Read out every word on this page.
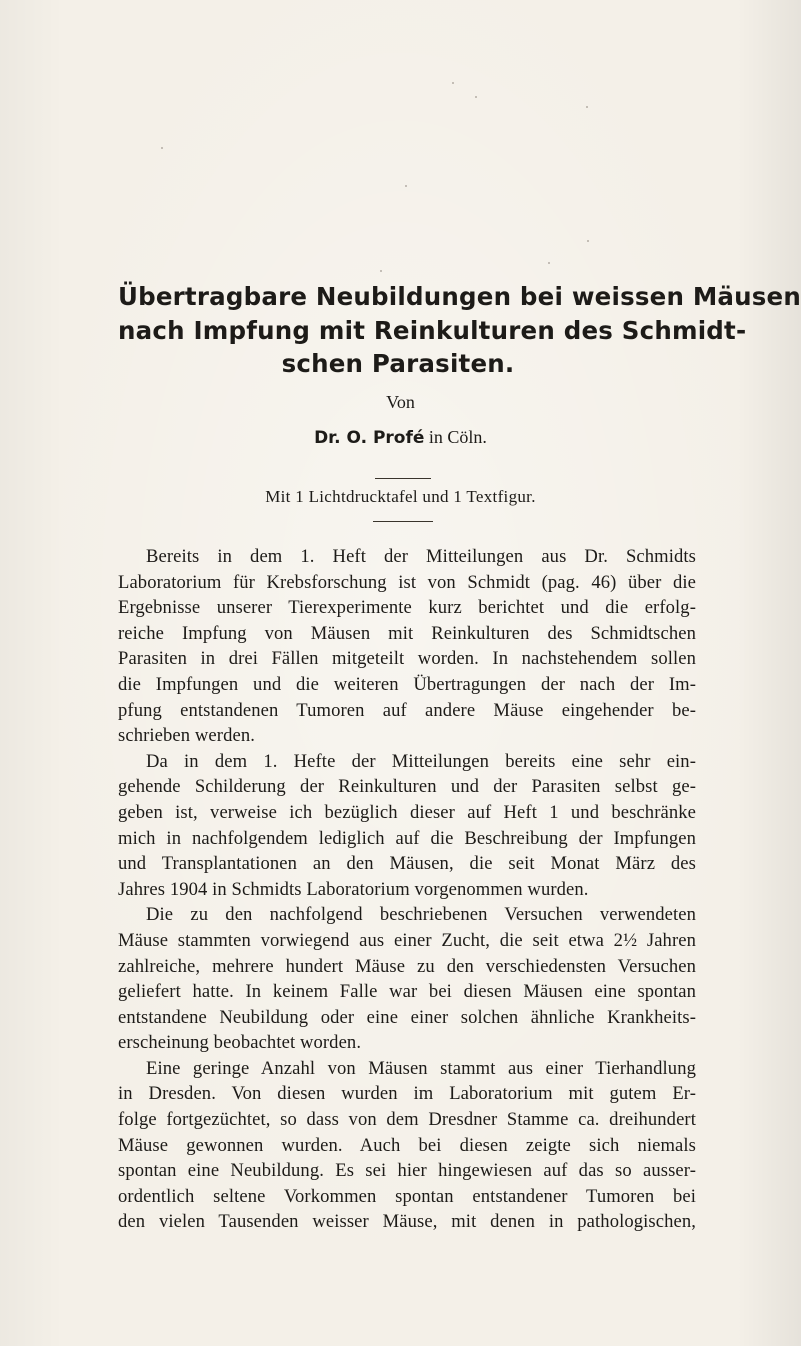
Übertragbare Neubildungen bei weissen Mäusen
nach Impfung mit Reinkulturen des Schmidt-
schen Parasiten.
Von
Dr. O. Profé in Cöln.
Mit 1 Lichtdrucktafel und 1 Textfigur.
Bereits in dem 1. Heft der Mitteilungen aus Dr. Schmidts
Laboratorium für Krebsforschung ist von Schmidt (pag. 46) über die
Ergebnisse unserer Tierexperimente kurz berichtet und die erfolg-
reiche Impfung von Mäusen mit Reinkulturen des Schmidtschen
Parasiten in drei Fällen mitgeteilt worden. In nachstehendem sollen
die Impfungen und die weiteren Übertragungen der nach der Im-
pfung entstandenen Tumoren auf andere Mäuse eingehender be-
schrieben werden.
Da in dem 1. Hefte der Mitteilungen bereits eine sehr ein-
gehende Schilderung der Reinkulturen und der Parasiten selbst ge-
geben ist, verweise ich bezüglich dieser auf Heft 1 und beschränke
mich in nachfolgendem lediglich auf die Beschreibung der Impfungen
und Transplantationen an den Mäusen, die seit Monat März des
Jahres 1904 in Schmidts Laboratorium vorgenommen wurden.
Die zu den nachfolgend beschriebenen Versuchen verwendeten
Mäuse stammten vorwiegend aus einer Zucht, die seit etwa 2½ Jahren
zahlreiche, mehrere hundert Mäuse zu den verschiedensten Versuchen
geliefert hatte. In keinem Falle war bei diesen Mäusen eine spontan
entstandene Neubildung oder eine einer solchen ähnliche Krankheits-
erscheinung beobachtet worden.
Eine geringe Anzahl von Mäusen stammt aus einer Tierhandlung
in Dresden. Von diesen wurden im Laboratorium mit gutem Er-
folge fortgezüchtet, so dass von dem Dresdner Stamme ca. dreihundert
Mäuse gewonnen wurden. Auch bei diesen zeigte sich niemals
spontan eine Neubildung. Es sei hier hingewiesen auf das so ausser-
ordentlich seltene Vorkommen spontan entstandener Tumoren bei
den vielen Tausenden weisser Mäuse, mit denen in pathologischen,
